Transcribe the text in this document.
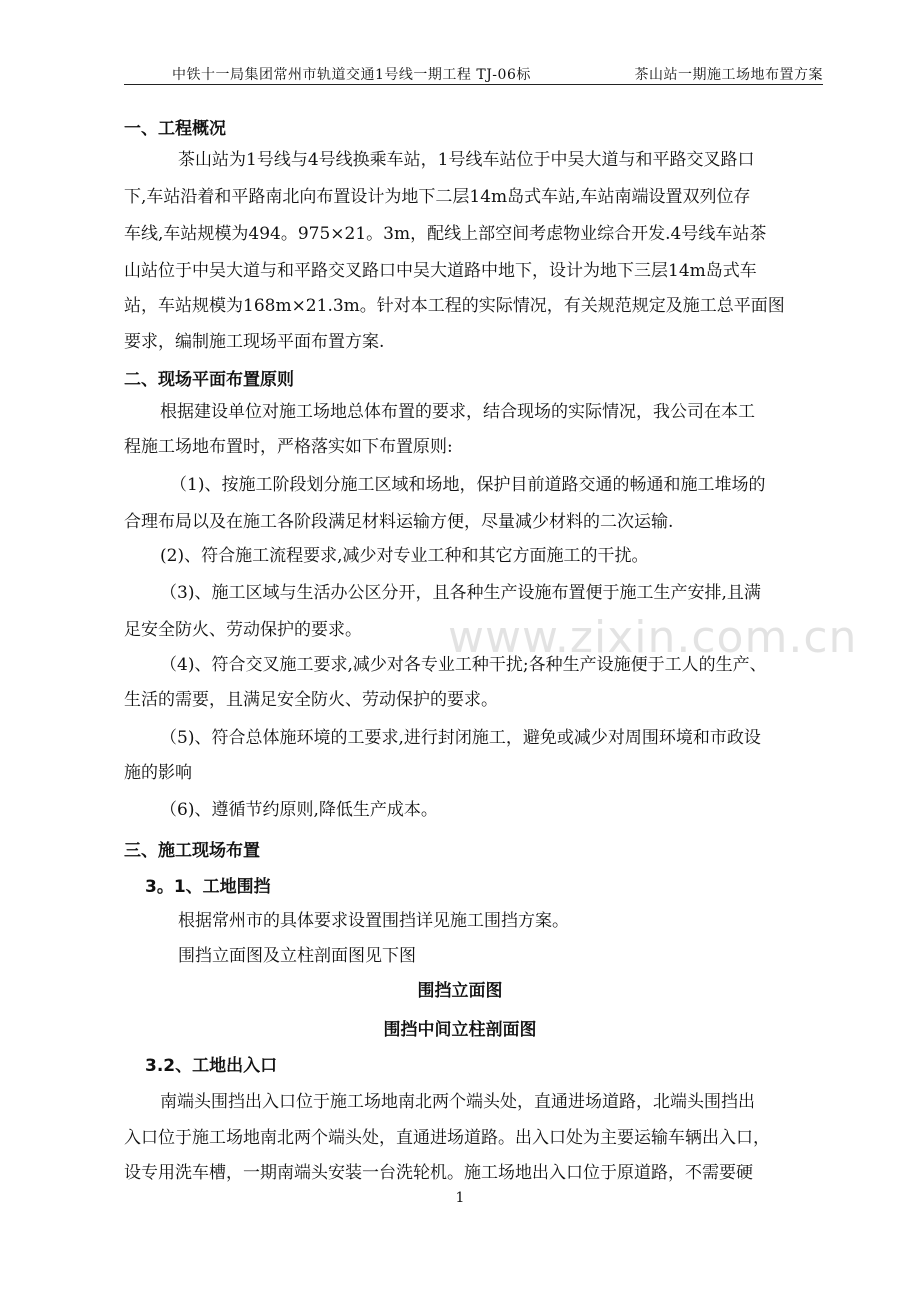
中铁十一局集团常州市轨道交通1号线一期工程 TJ-06标	茶山站一期施工场地布置方案
www.zixin.com.cn
一、工程概况
茶山站为1号线与4号线换乘车站，1号线车站位于中吴大道与和平路交叉路口
下,车站沿着和平路南北向布置设计为地下二层14m岛式车站,车站南端设置双列位存
车线,车站规模为494。975×21。3m，配线上部空间考虑物业综合开发.4号线车站茶
山站位于中吴大道与和平路交叉路口中吴大道路中地下，设计为地下三层14m岛式车
站，车站规模为168m×21.3m。针对本工程的实际情况，有关规范规定及施工总平面图
要求，编制施工现场平面布置方案.
二、现场平面布置原则
根据建设单位对施工场地总体布置的要求，结合现场的实际情况，我公司在本工
程施工场地布置时，严格落实如下布置原则:
（1)、按施工阶段划分施工区域和场地，保护目前道路交通的畅通和施工堆场的
合理布局以及在施工各阶段满足材料运输方便，尽量减少材料的二次运输.
(2)、符合施工流程要求,减少对专业工种和其它方面施工的干扰。
（3)、施工区域与生活办公区分开，且各种生产设施布置便于施工生产安排,且满
足安全防火、劳动保护的要求。
（4)、符合交叉施工要求,减少对各专业工种干扰;各种生产设施便于工人的生产、
生活的需要，且满足安全防火、劳动保护的要求。
（5)、符合总体施环境的工要求,进行封闭施工，避免或减少对周围环境和市政设
施的影响
（6)、遵循节约原则,降低生产成本。
三、施工现场布置
3。1、工地围挡
根据常州市的具体要求设置围挡详见施工围挡方案。
围挡立面图及立柱剖面图见下图
围挡立面图
围挡中间立柱剖面图
3.2、工地出入口
南端头围挡出入口位于施工场地南北两个端头处，直通进场道路，北端头围挡出
入口位于施工场地南北两个端头处，直通进场道路。出入口处为主要运输车辆出入口，
设专用洗车槽，一期南端头安装一台洗轮机。施工场地出入口位于原道路，不需要硬
1
